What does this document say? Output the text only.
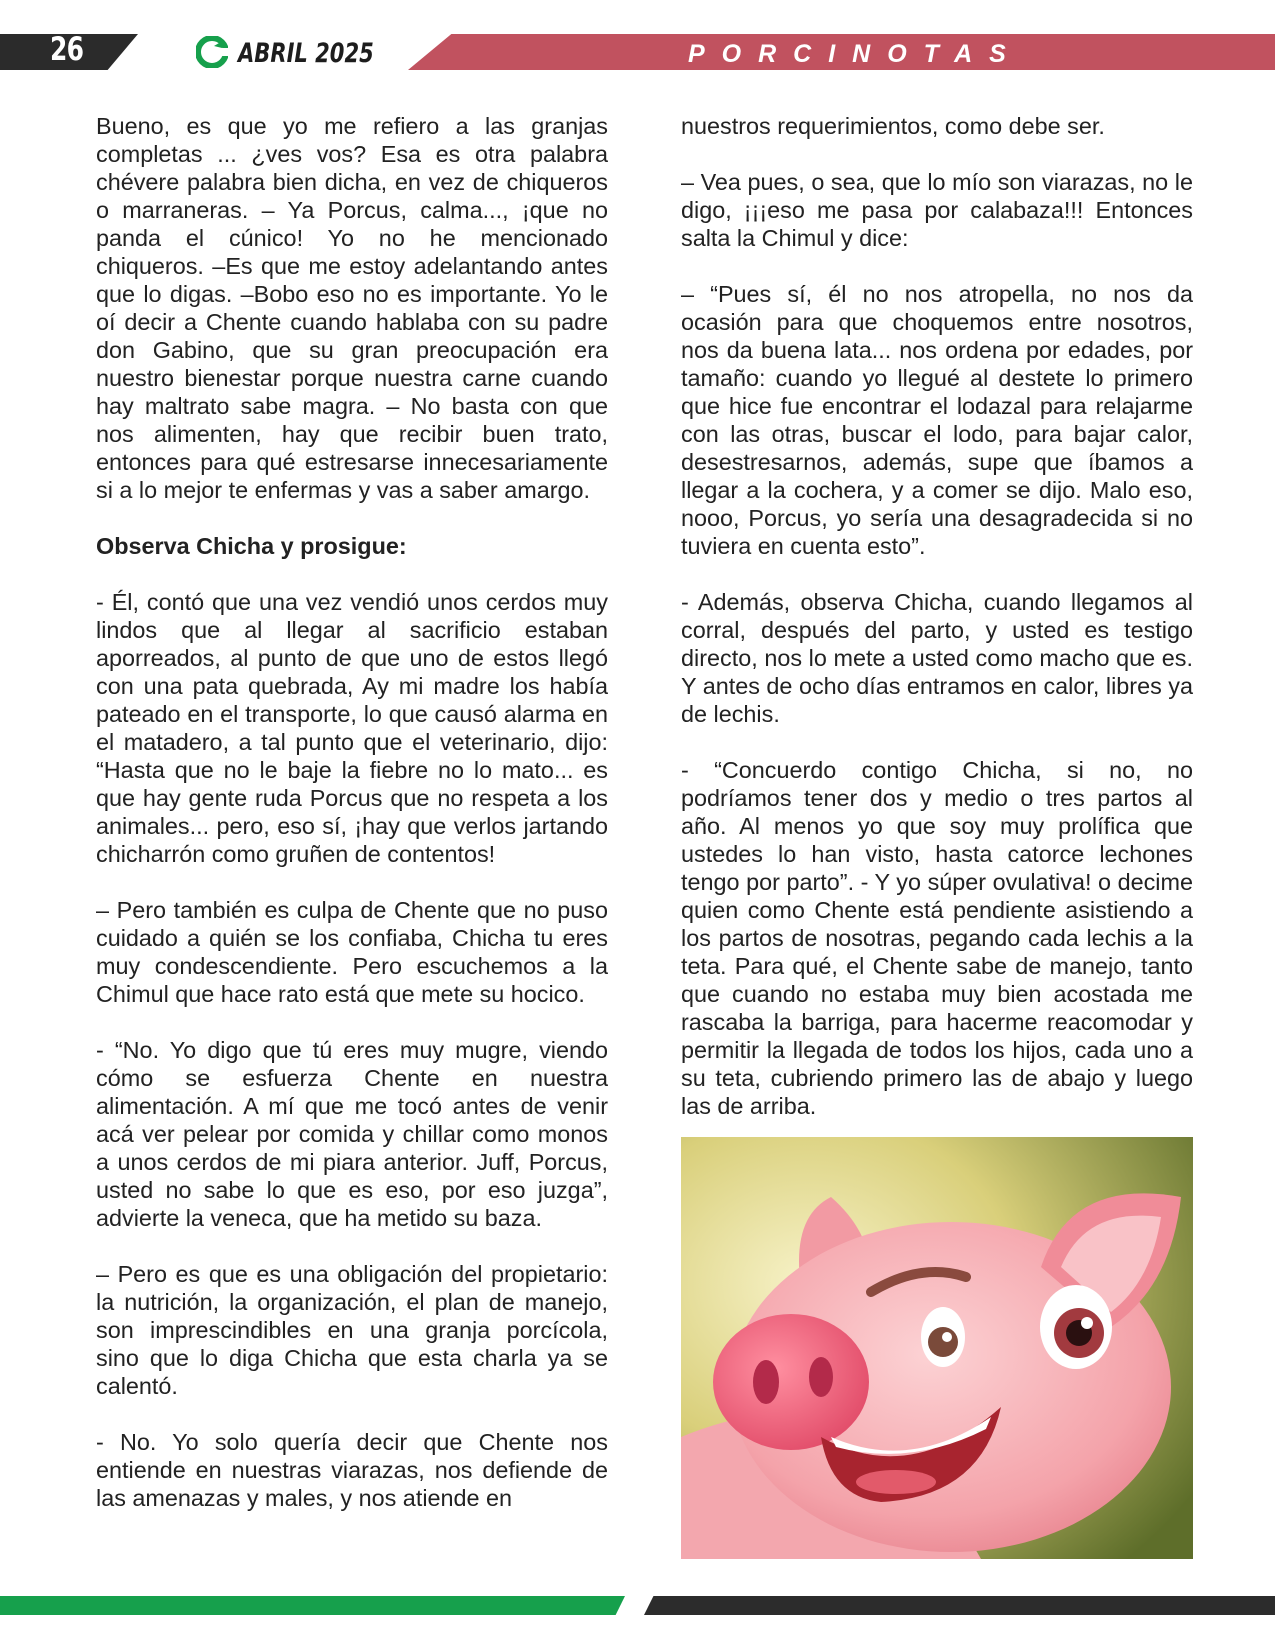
26	ABRIL 2025	PORCINOTAS

Bueno, es que yo me refiero a las granjas completas ... ¿ves vos? Esa es otra palabra chévere palabra bien dicha, en vez de chiqueros o marraneras. – Ya Porcus, calma..., ¡que no panda el cúnico! Yo no he mencionado chiqueros. –Es que me estoy adelantando antes que lo digas. –Bobo eso no es importante. Yo le oí decir a Chente cuando hablaba con su padre don Gabino, que su gran preocupación era nuestro bienestar porque nuestra carne cuando hay maltrato sabe magra. – No basta con que nos alimenten, hay que recibir buen trato, entonces para qué estresarse innecesariamente si a lo mejor te enfermas y vas a saber amargo.

Observa Chicha y prosigue:

- Él, contó que una vez vendió unos cerdos muy lindos que al llegar al sacrificio estaban aporreados, al punto de que uno de estos llegó con una pata quebrada, Ay mi madre los había pateado en el transporte, lo que causó alarma en el matadero, a tal punto que el veterinario, dijo: “Hasta que no le baje la fiebre no lo mato... es que hay gente ruda Porcus que no respeta a los animales... pero, eso sí, ¡hay que verlos jartando chicharrón como gruñen de contentos!

– Pero también es culpa de Chente que no puso cuidado a quién se los confiaba, Chicha tu eres muy condescendiente. Pero escuchemos a la Chimul que hace rato está que mete su hocico.

- “No. Yo digo que tú eres muy mugre, viendo cómo se esfuerza Chente en nuestra alimentación. A mí que me tocó antes de venir acá ver pelear por comida y chillar como monos a unos cerdos de mi piara anterior. Juff, Porcus, usted no sabe lo que es eso, por eso juzga”, advierte la veneca, que ha metido su baza.

– Pero es que es una obligación del propietario: la nutrición, la organización, el plan de manejo, son imprescindibles en una granja porcícola, sino que lo diga Chicha que esta charla ya se calentó.

- No. Yo solo quería decir que Chente nos entiende en nuestras viarazas, nos defiende de las amenazas y males, y nos atiende en

nuestros requerimientos, como debe ser.

– Vea pues, o sea, que lo mío son viarazas, no le digo, ¡¡¡eso me pasa por calabaza!!! Entonces salta la Chimul y dice:

– “Pues sí, él no nos atropella, no nos da ocasión para que choquemos entre nosotros, nos da buena lata... nos ordena por edades, por tamaño: cuando yo llegué al destete lo primero que hice fue encontrar el lodazal para relajarme con las otras, buscar el lodo, para bajar calor, desestresarnos, además, supe que íbamos a llegar a la cochera, y a comer se dijo. Malo eso, nooo, Porcus, yo sería una desagradecida si no tuviera en cuenta esto”.

- Además, observa Chicha, cuando llegamos al corral, después del parto, y usted es testigo directo, nos lo mete a usted como macho que es. Y antes de ocho días entramos en calor, libres ya de lechis.

- “Concuerdo contigo Chicha, si no, no podríamos tener dos y medio o tres partos al año. Al menos yo que soy muy prolífica que ustedes lo han visto, hasta catorce lechones tengo por parto”. - Y yo súper ovulativa! o decime quien como Chente está pendiente asistiendo a los partos de nosotras, pegando cada lechis a la teta. Para qué, el Chente sabe de manejo, tanto que cuando no estaba muy bien acostada me rascaba la barriga, para hacerme reacomodar y permitir la llegada de todos los hijos, cada uno a su teta, cubriendo primero las de abajo y luego las de arriba.
